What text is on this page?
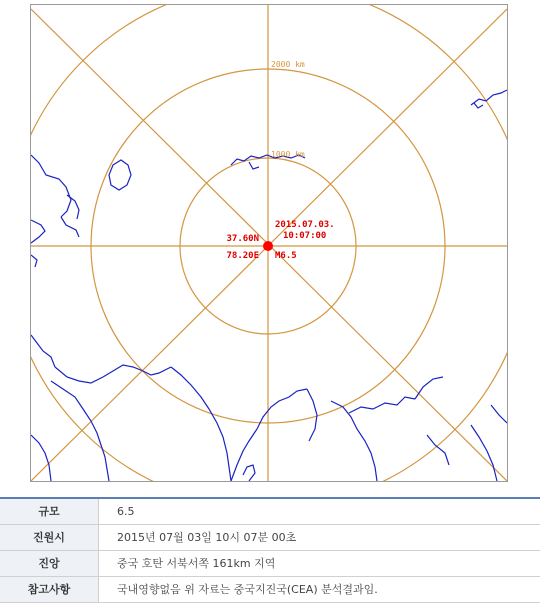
2000 km
1000 km
2015.07.03.
10:07:00
37.60N
78.20E M6.5
규모	6.5
진원시	2015년 07월 03일 10시 07분 00초
진앙	중국 호탄 서북서쪽 161km 지역
참고사항	국내영향없음 위 자료는 중국지진국(CEA) 분석결과임.
